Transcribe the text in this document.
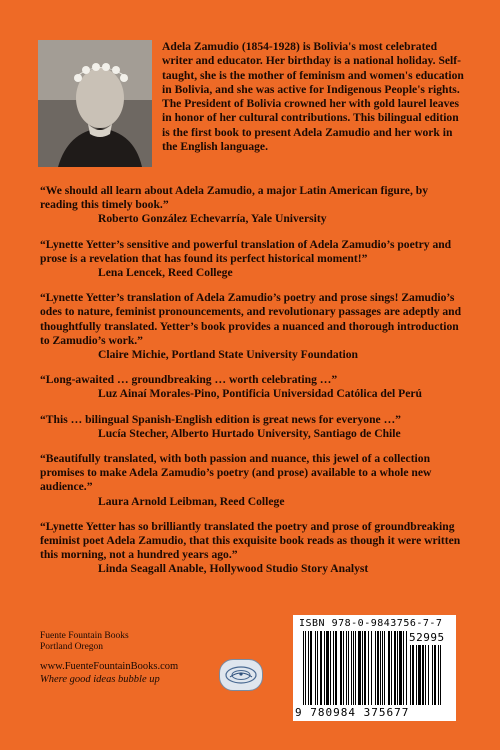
Adela Zamudio (1854-1928) is Bolivia's most celebrated writer and educator. Her birthday is a national holiday. Self-taught, she is the mother of feminism and women's education in Bolivia, and she was active for Indigenous People's rights. The President of Bolivia crowned her with gold laurel leaves in honor of her cultural contributions. This bilingual edition is the first book to present Adela Zamudio and her work in the English language.

“We should all learn about Adela Zamudio, a major Latin American figure, by reading this timely book.”

Roberto González Echevarría, Yale University

“Lynette Yetter’s sensitive and powerful translation of Adela Zamudio’s poetry and prose is a revelation that has found its perfect historical moment!”

Lena Lencek, Reed College

“Lynette Yetter’s translation of Adela Zamudio’s poetry and prose sings! Zamudio’s odes to nature, feminist pronouncements, and revolutionary passages are adeptly and thoughtfully translated. Yetter’s book provides a nuanced and thorough introduction to Zamudio’s work.”

Claire Michie, Portland State University Foundation

“Long-awaited … groundbreaking … worth celebrating …”

Luz Ainaí Morales-Pino, Pontificia Universidad Católica del Perú

“This … bilingual Spanish-English edition is great news for everyone …”

Lucía Stecher, Alberto Hurtado University, Santiago de Chile

“Beautifully translated, with both passion and nuance, this jewel of a collection promises to make Adela Zamudio’s poetry (and prose) available to a whole new audience.”

Laura Arnold Leibman, Reed College

“Lynette Yetter has so brilliantly translated the poetry and prose of groundbreaking feminist poet Adela Zamudio, that this exquisite book reads as though it were written this morning, not a hundred years ago.”

Linda Seagall Anable, Hollywood Studio Story Analyst

Fuente Fountain Books
Portland Oregon
www.FuenteFountainBooks.com
Where good ideas bubble up
ISBN 978-0-9843756-7-7
52995
9 780984 375677
